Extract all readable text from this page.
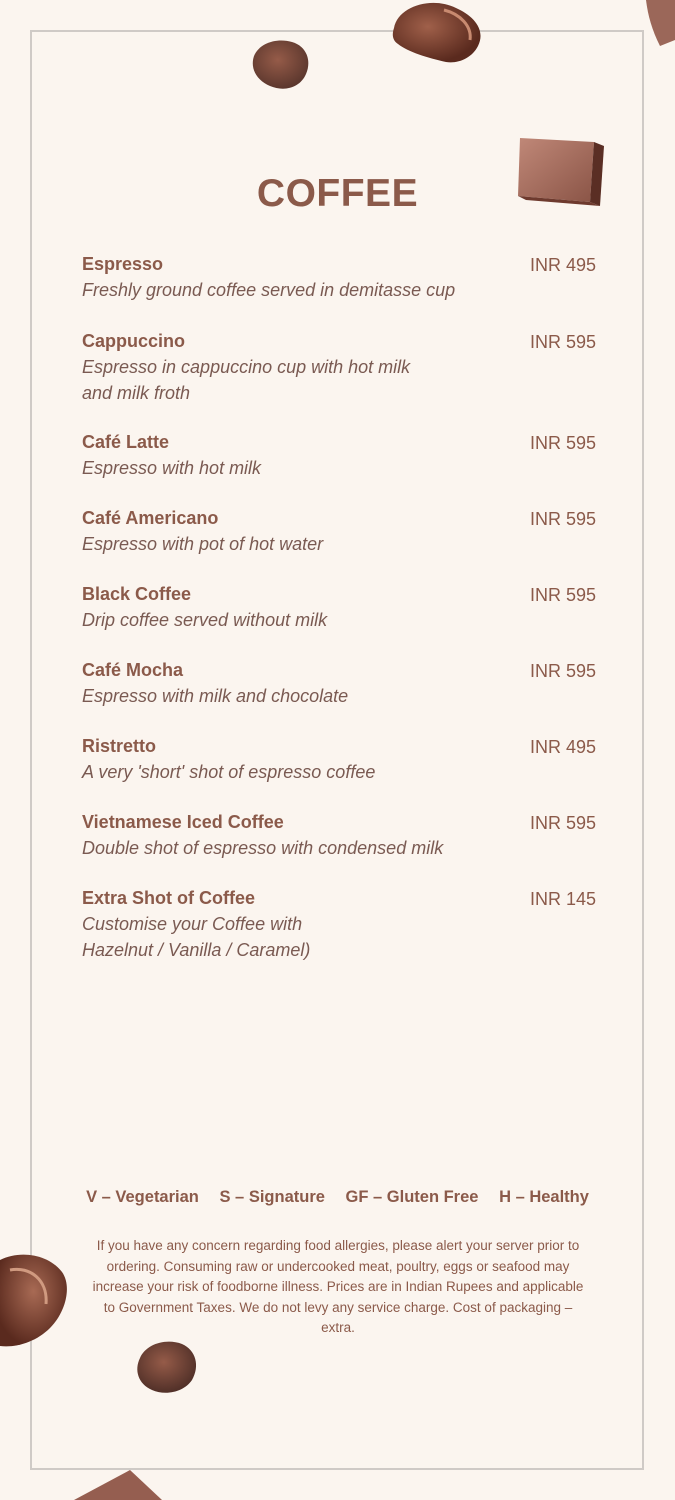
COFFEE
Espresso
Freshly ground coffee served in demitasse cup
INR 495
Cappuccino
Espresso in cappuccino cup with hot milk and milk froth
INR 595
Café Latte
Espresso with hot milk
INR 595
Café Americano
Espresso with pot of hot water
INR 595
Black Coffee
Drip coffee served without milk
INR 595
Café Mocha
Espresso with milk and chocolate
INR 595
Ristretto
A very 'short' shot of espresso coffee
INR 495
Vietnamese Iced Coffee
Double shot of espresso with condensed milk
INR 595
Extra Shot of Coffee
Customise your Coffee with Hazelnut / Vanilla / Caramel)
INR 145
V – Vegetarian S – Signature GF – Gluten Free H – Healthy

If you have any concern regarding food allergies, please alert your server prior to ordering. Consuming raw or undercooked meat, poultry, eggs or seafood may increase your risk of foodborne illness. Prices are in Indian Rupees and applicable to Government Taxes. We do not levy any service charge. Cost of packaging – extra.
